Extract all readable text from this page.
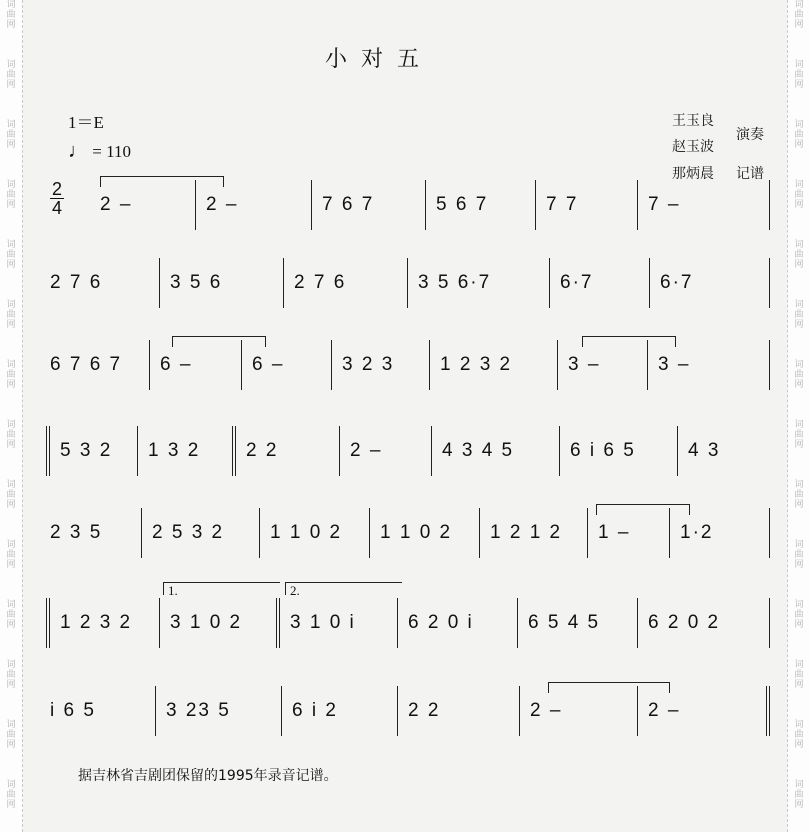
词
曲
网
词
曲
网
词
曲
网
词
曲
网
词
曲
网
词
曲
网
词
曲
网
词
曲
网
词
曲
网
词
曲
网
词
曲
网
词
曲
网
词
曲
网
词
曲
网
词
曲
网
词
曲
网
词
曲
网
词
曲
网
词
曲
网
词
曲
网
词
曲
网
词
曲
网
词
曲
网
词
曲
网
词
曲
网
词
曲
网
词
曲
网
词
曲
网
小对五
1＝E
♩ = 110
王玉良
赵玉波
演奏
那炳晨 记谱
2
4	2 –	2 –	7 6 7	5 6 7	7 7	7 –
2 7 6	3 5 6	2 7 6	3 5 6·7	6·7	6·7
6 7 6 7	6 –	6 –	3 2 3	1 2 3 2	3 –	3 –
5 3 2	1 3 2	2 2	2 –	4 3 4 5	6 i 6 5	4 3
2 3 5	2 5 3 2	1 1 0 2	1 1 0 2	1 2 1 2	1 –	1·2
1.	2.
1 2 3 2	3 1 0 2	3 1 0 i	6 2 0 i	6 5 4 5	6 2 0 2
i 6 5	3 23 5	6 i 2	2 2	2 –	2 –
据吉林省吉剧团保留的1995年录音记谱。
